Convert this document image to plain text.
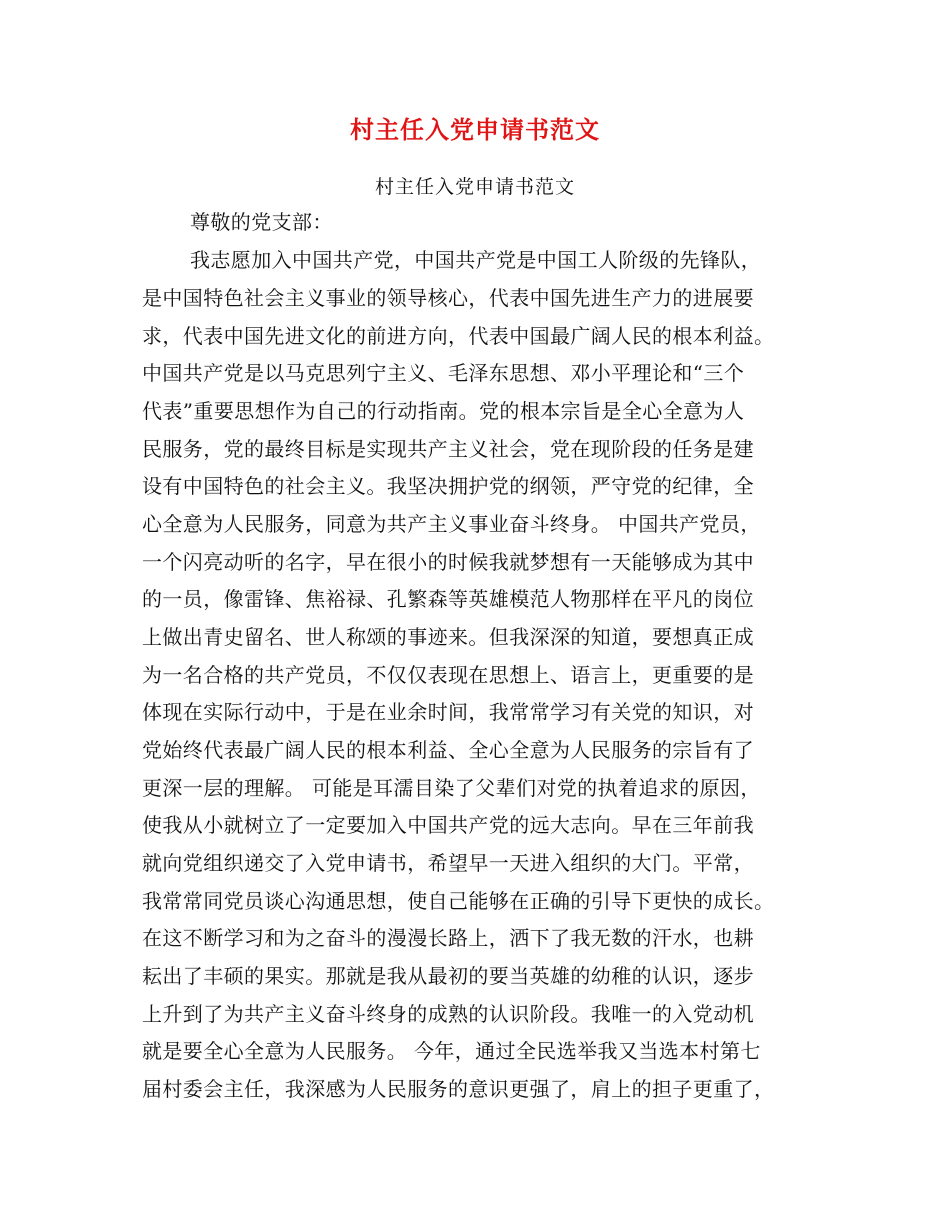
村主任入党申请书范文
村主任入党申请书范文
尊敬的党支部：
我志愿加入中国共产党，中国共产党是中国工人阶级的先锋队，
是中国特色社会主义事业的领导核心，代表中国先进生产力的进展要
求，代表中国先进文化的前进方向，代表中国最广阔人民的根本利益。
中国共产党是以马克思列宁主义、毛泽东思想、邓小平理论和“三个
代表”重要思想作为自己的行动指南。党的根本宗旨是全心全意为人
民服务，党的最终目标是实现共产主义社会，党在现阶段的任务是建
设有中国特色的社会主义。我坚决拥护党的纲领，严守党的纪律，全
心全意为人民服务，同意为共产主义事业奋斗终身。 中国共产党员，
一个闪亮动听的名字，早在很小的时候我就梦想有一天能够成为其中
的一员，像雷锋、焦裕禄、孔繁森等英雄模范人物那样在平凡的岗位
上做出青史留名、世人称颂的事迹来。但我深深的知道，要想真正成
为一名合格的共产党员，不仅仅表现在思想上、语言上，更重要的是
体现在实际行动中，于是在业余时间，我常常学习有关党的知识，对
党始终代表最广阔人民的根本利益、全心全意为人民服务的宗旨有了
更深一层的理解。 可能是耳濡目染了父辈们对党的执着追求的原因，
使我从小就树立了一定要加入中国共产党的远大志向。早在三年前我
就向党组织递交了入党申请书，希望早一天进入组织的大门。平常，
我常常同党员谈心沟通思想，使自己能够在正确的引导下更快的成长。
在这不断学习和为之奋斗的漫漫长路上，洒下了我无数的汗水，也耕
耘出了丰硕的果实。那就是我从最初的要当英雄的幼稚的认识，逐步
上升到了为共产主义奋斗终身的成熟的认识阶段。我唯一的入党动机
就是要全心全意为人民服务。 今年，通过全民选举我又当选本村第七
届村委会主任，我深感为人民服务的意识更强了，肩上的担子更重了，
